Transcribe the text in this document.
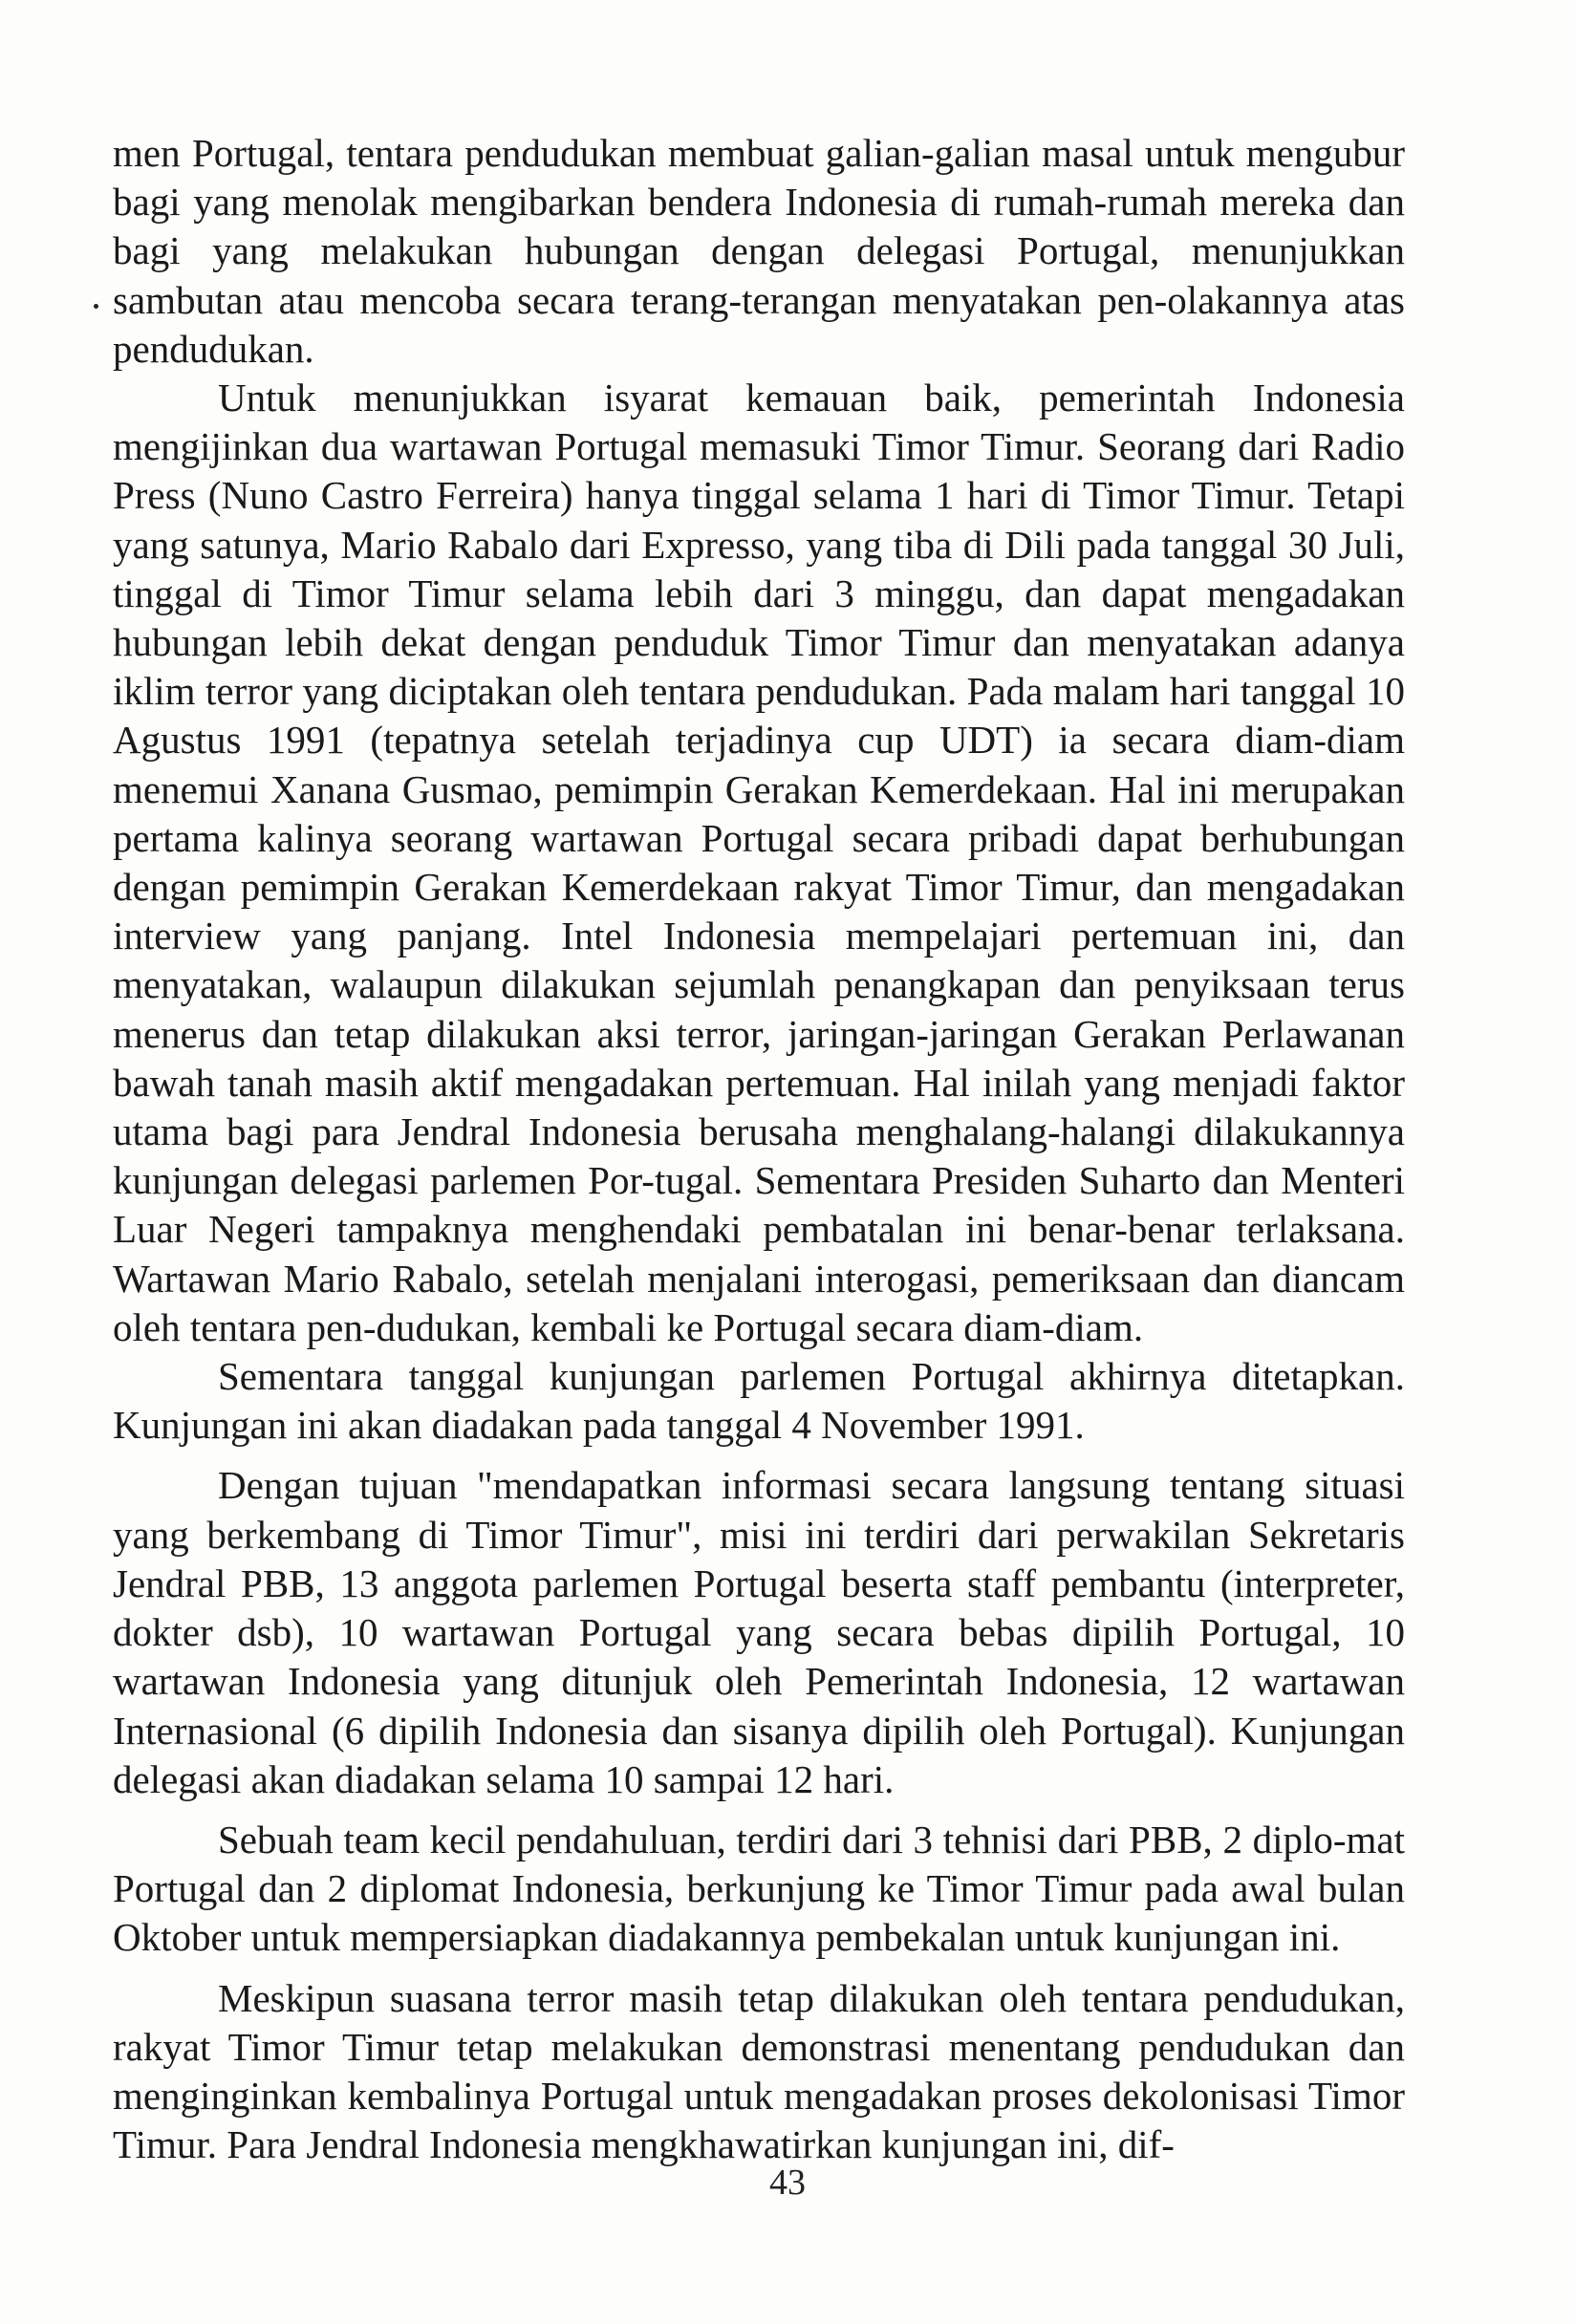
men Portugal, tentara pendudukan membuat galian-galian masal untuk mengubur bagi yang menolak mengibarkan bendera Indonesia di rumah-rumah mereka dan bagi yang melakukan hubungan dengan delegasi Portugal, menunjukkan sambutan atau mencoba secara terang-terangan menyatakan pen-olakannya atas pendudukan.

Untuk menunjukkan isyarat kemauan baik, pemerintah Indonesia mengijinkan dua wartawan Portugal memasuki Timor Timur. Seorang dari Radio Press (Nuno Castro Ferreira) hanya tinggal selama 1 hari di Timor Timur. Tetapi yang satunya, Mario Rabalo dari Expresso, yang tiba di Dili pada tanggal 30 Juli, tinggal di Timor Timur selama lebih dari 3 minggu, dan dapat mengadakan hubungan lebih dekat dengan penduduk Timor Timur dan menyatakan adanya iklim terror yang diciptakan oleh tentara pendudukan. Pada malam hari tanggal 10 Agustus 1991 (tepatnya setelah terjadinya cup UDT) ia secara diam-diam menemui Xanana Gusmao, pemimpin Gerakan Kemerdekaan. Hal ini merupakan pertama kalinya seorang wartawan Portugal secara pribadi dapat berhubungan dengan pemimpin Gerakan Kemerdekaan rakyat Timor Timur, dan mengadakan interview yang panjang. Intel Indonesia mempelajari pertemuan ini, dan menyatakan, walaupun dilakukan sejumlah penangkapan dan penyiksaan terus menerus dan tetap dilakukan aksi terror, jaringan-jaringan Gerakan Perlawanan bawah tanah masih aktif mengadakan pertemuan. Hal inilah yang menjadi faktor utama bagi para Jendral Indonesia berusaha menghalang-halangi dilakukannya kunjungan delegasi parlemen Por-tugal. Sementara Presiden Suharto dan Menteri Luar Negeri tampaknya menghendaki pembatalan ini benar-benar terlaksana. Wartawan Mario Rabalo, setelah menjalani interogasi, pemeriksaan dan diancam oleh tentara pen-dudukan, kembali ke Portugal secara diam-diam.

Sementara tanggal kunjungan parlemen Portugal akhirnya ditetapkan. Kunjungan ini akan diadakan pada tanggal 4 November 1991.

Dengan tujuan "mendapatkan informasi secara langsung tentang situasi yang berkembang di Timor Timur", misi ini terdiri dari perwakilan Sekretaris Jendral PBB, 13 anggota parlemen Portugal beserta staff pembantu (interpreter, dokter dsb), 10 wartawan Portugal yang secara bebas dipilih Portugal, 10 wartawan Indonesia yang ditunjuk oleh Pemerintah Indonesia, 12 wartawan Internasional (6 dipilih Indonesia dan sisanya dipilih oleh Portugal). Kunjungan delegasi akan diadakan selama 10 sampai 12 hari.

Sebuah team kecil pendahuluan, terdiri dari 3 tehnisi dari PBB, 2 diplo-mat Portugal dan 2 diplomat Indonesia, berkunjung ke Timor Timur pada awal bulan Oktober untuk mempersiapkan diadakannya pembekalan untuk kunjungan ini.

Meskipun suasana terror masih tetap dilakukan oleh tentara pendudukan, rakyat Timor Timur tetap melakukan demonstrasi menentang pendudukan dan menginginkan kembalinya Portugal untuk mengadakan proses dekolonisasi Timor Timur. Para Jendral Indonesia mengkhawatirkan kunjungan ini, dif-

43
